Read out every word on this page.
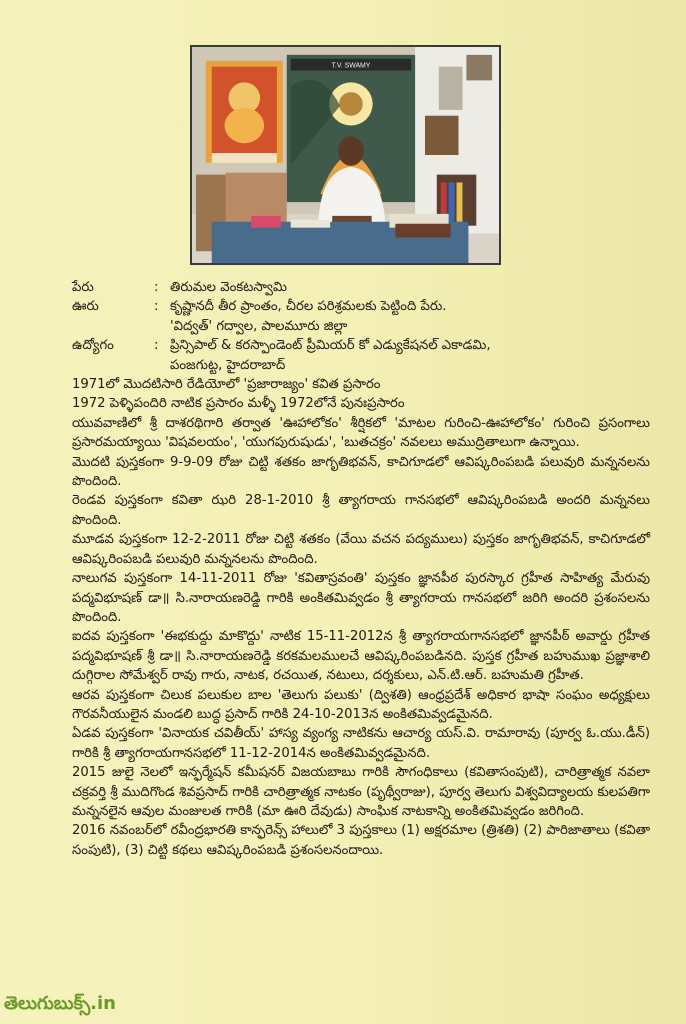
T.V. SWAMY
పేరు	: తిరుమల వెంకటస్వామి
ఊరు	: కృష్ణానదీ తీర ప్రాంతం, చీరల పరిశ్రమలకు పెట్టింది పేరు.
'విద్వత్' గద్వాల, పాలమూరు జిల్లా
ఉద్యోగం	: ప్రిన్సిపాల్ & కరస్పాండెంట్ ప్రీమియర్ కో ఎడ్యుకేషనల్ ఎకాడమి,
పంజగుట్ట, హైదరాబాద్

1971లో మొదటిసారి రేడియోలో 'ప్రజారాజ్యం' కవిత ప్రసారం

1972 పెళ్ళిపందిరి నాటిక ప్రసారం మళ్ళీ 1972లోనే పునఃప్రసారం

యువవాణిలో శ్రీ దాశరథిగారి తర్వాత 'ఊహాలోకం' శీర్షికలో 'మాటల గురించి-ఊహాలోకం' గురించి ప్రసంగాలు ప్రసారమయ్యాయి 'విషవలయం', 'యుగపురుషుడు', 'బుతచక్రం' నవలలు అముద్రితాలుగా ఉన్నాయి.

మొదటి పుస్తకంగా 9-9-09 రోజు చిట్టి శతకం జాగృతిభవన్, కాచిగూడలో ఆవిష్కరింపబడి పలువురి మన్ననలను పొందింది.

రెండవ పుస్తకంగా కవితా ఝరి 28-1-2010 శ్రీ త్యాగరాయ గానసభలో ఆవిష్కరింపబడి అందరి మన్ననలు పొందింది.

మూడవ పుస్తకంగా 12-2-2011 రోజు చిట్టి శతకం (వేయి వచన పద్యములు) పుస్తకం జాగృతిభవన్, కాచిగూడలో ఆవిష్కరింపబడి పలువురి మన్ననలను పొందింది.

నాలుగవ పుస్తకంగా 14-11-2011 రోజు 'కవితాస్రవంతి' పుస్తకం జ్ఞానపీఠ పురస్కార గ్రహీత సాహిత్య మేరువు పద్మవిభూషణ్ డా॥ సి.నారాయణరెడ్డి గారికి అంకితమివ్వడం శ్రీ త్యాగరాయ గానసభలో జరిగి అందరి ప్రశంసలను పొందింది.

ఐదవ పుస్తకంగా 'ఈభకుద్దు మాకొద్దు' నాటిక 15-11-2012న శ్రీ త్యాగరాయగానసభలో జ్ఞానపీఠ్ అవార్డు గ్రహీత పద్మవిభూషణ్ శ్రీ డా॥ సి.నారాయణరెడ్డి కరకమలములచే ఆవిష్కరింపబడినది. పుస్తక గ్రహీత బహుముఖ ప్రజ్ఞాశాలి దుగ్గిరాల సోమేశ్వర్ రావు గారు, నాటక, రచయిత, నటులు, దర్శకులు, ఎన్.టి.ఆర్. బహుమతి గ్రహీత.

ఆరవ పుస్తకంగా చిలుక పలుకుల బాల 'తెలుగు పలుకు' (ద్విశతి) ఆంధ్రప్రదేశ్ అధికార భాషా సంఘం అధ్యక్షులు గౌరవనీయులైన మండలి బుద్ధ ప్రసాద్ గారికి 24-10-2013న అంకితమివ్వడమైనది.

ఏడవ పుస్తకంగా 'వినాయక చవితీయ్' హాస్య వ్యంగ్య నాటికను ఆచార్య యస్.వి. రామారావు (పూర్వ ఓ.యు.డీన్) గారికి శ్రీ త్యాగరాయగానసభలో 11-12-2014న అంకితమివ్వడమైనది.

2015 జులై నెలలో ఇన్ఫర్మేషన్ కమీషనర్ విజయబాబు గారికి సౌగంధికాలు (కవితాసంపుటి), చారిత్రాత్మక నవలా చక్రవర్తి శ్రీ ముదిగొండ శివప్రసాద్ గారికి చారిత్రాత్మక నాటకం (పృథ్వీరాజు), పూర్వ తెలుగు విశ్వవిద్యాలయ కులపతిగా మన్ననలైన ఆవుల మంజులత గారికి (మా ఊరి దేవుడు) సాంఘిక నాటకాన్ని అంకితమివ్వడం జరిగింది.

2016 నవంబర్‌లో రవీంద్రభారతి కాన్ఫరెన్స్ హాలులో 3 పుస్తకాలు (1) అక్షరమాల (త్రిశతి) (2) పారిజాతాలు (కవితా సంపుటి), (3) చిట్టి కథలు ఆవిష్కరింపబడి ప్రశంసలనందాయి.

తెలుగుబుక్స్.in
